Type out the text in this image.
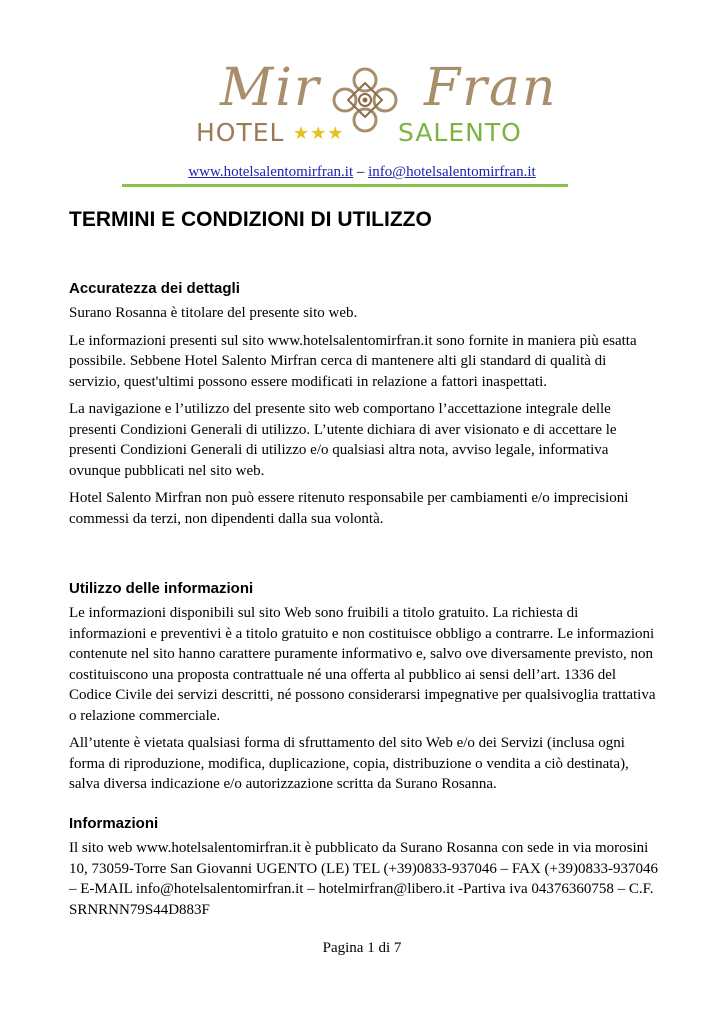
Mir Fran
HOTEL ★★★ SALENTO
www.hotelsalentomirfran.it – info@hotelsalentomirfran.it
TERMINI E CONDIZIONI DI UTILIZZO
Accuratezza dei dettagli

Surano Rosanna è titolare del presente sito web.

Le informazioni presenti sul sito www.hotelsalentomirfran.it sono fornite in maniera più esatta possibile. Sebbene Hotel Salento Mirfran cerca di mantenere alti gli standard di qualità di servizio, quest'ultimi possono essere modificati in relazione a fattori inaspettati.

La navigazione e l’utilizzo del presente sito web comportano l’accettazione integrale delle presenti Condizioni Generali di utilizzo. L’utente dichiara di aver visionato e di accettare le presenti Condizioni Generali di utilizzo e/o qualsiasi altra nota, avviso legale, informativa ovunque pubblicati nel sito web.

Hotel Salento Mirfran non può essere ritenuto responsabile per cambiamenti e/o imprecisioni commessi da terzi, non dipendenti dalla sua volontà.

Utilizzo delle informazioni

Le informazioni disponibili sul sito Web sono fruibili a titolo gratuito. La richiesta di informazioni e preventivi è a titolo gratuito e non costituisce obbligo a contrarre. Le informazioni contenute nel sito hanno carattere puramente informativo e, salvo ove diversamente previsto, non costituiscono una proposta contrattuale né una offerta al pubblico ai sensi dell’art. 1336 del Codice Civile dei servizi descritti, né possono considerarsi impegnative per qualsivoglia trattativa o relazione commerciale.

All’utente è vietata qualsiasi forma di sfruttamento del sito Web e/o dei Servizi (inclusa ogni forma di riproduzione, modifica, duplicazione, copia, distribuzione o vendita a ciò destinata), salva diversa indicazione e/o autorizzazione scritta da Surano Rosanna.

Informazioni

Il sito web www.hotelsalentomirfran.it è pubblicato da Surano Rosanna con sede in via morosini 10, 73059-Torre San Giovanni UGENTO (LE) TEL (+39)0833-937046 – FAX (+39)0833-937046 – E-MAIL info@hotelsalentomirfran.it – hotelmirfran@libero.it -Partiva iva 04376360758 – C.F. SRNRNN79S44D883F

Pagina 1 di 7
